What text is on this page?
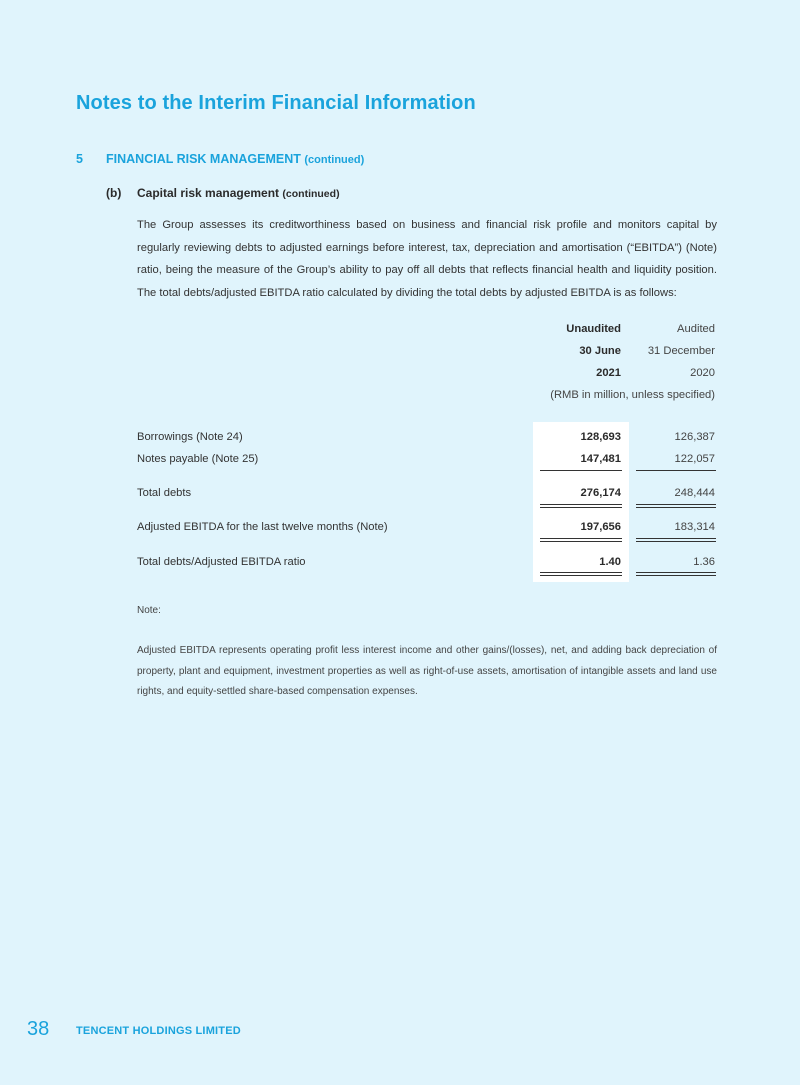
Notes to the Interim Financial Information
5 FINANCIAL RISK MANAGEMENT (continued)
(b) Capital risk management (continued)
The Group assesses its creditworthiness based on business and financial risk profile and monitors capital by regularly reviewing debts to adjusted earnings before interest, tax, depreciation and amortisation (“EBITDA”) (Note) ratio, being the measure of the Group’s ability to pay off all debts that reflects financial health and liquidity position. The total debts/adjusted EBITDA ratio calculated by dividing the total debts by adjusted EBITDA is as follows:
Unaudited	Audited
30 June	31 December
2021	2020
(RMB in million, unless specified)
Borrowings (Note 24)	128,693	126,387
Notes payable (Note 25)	147,481	122,057
Total debts	276,174	248,444
Adjusted EBITDA for the last twelve months (Note)	197,656	183,314
Total debts/Adjusted EBITDA ratio	1.40	1.36
Note:
Adjusted EBITDA represents operating profit less interest income and other gains/(losses), net, and adding back depreciation of property, plant and equipment, investment properties as well as right-of-use assets, amortisation of intangible assets and land use rights, and equity-settled share-based compensation expenses.
38 TENCENT HOLDINGS LIMITED
